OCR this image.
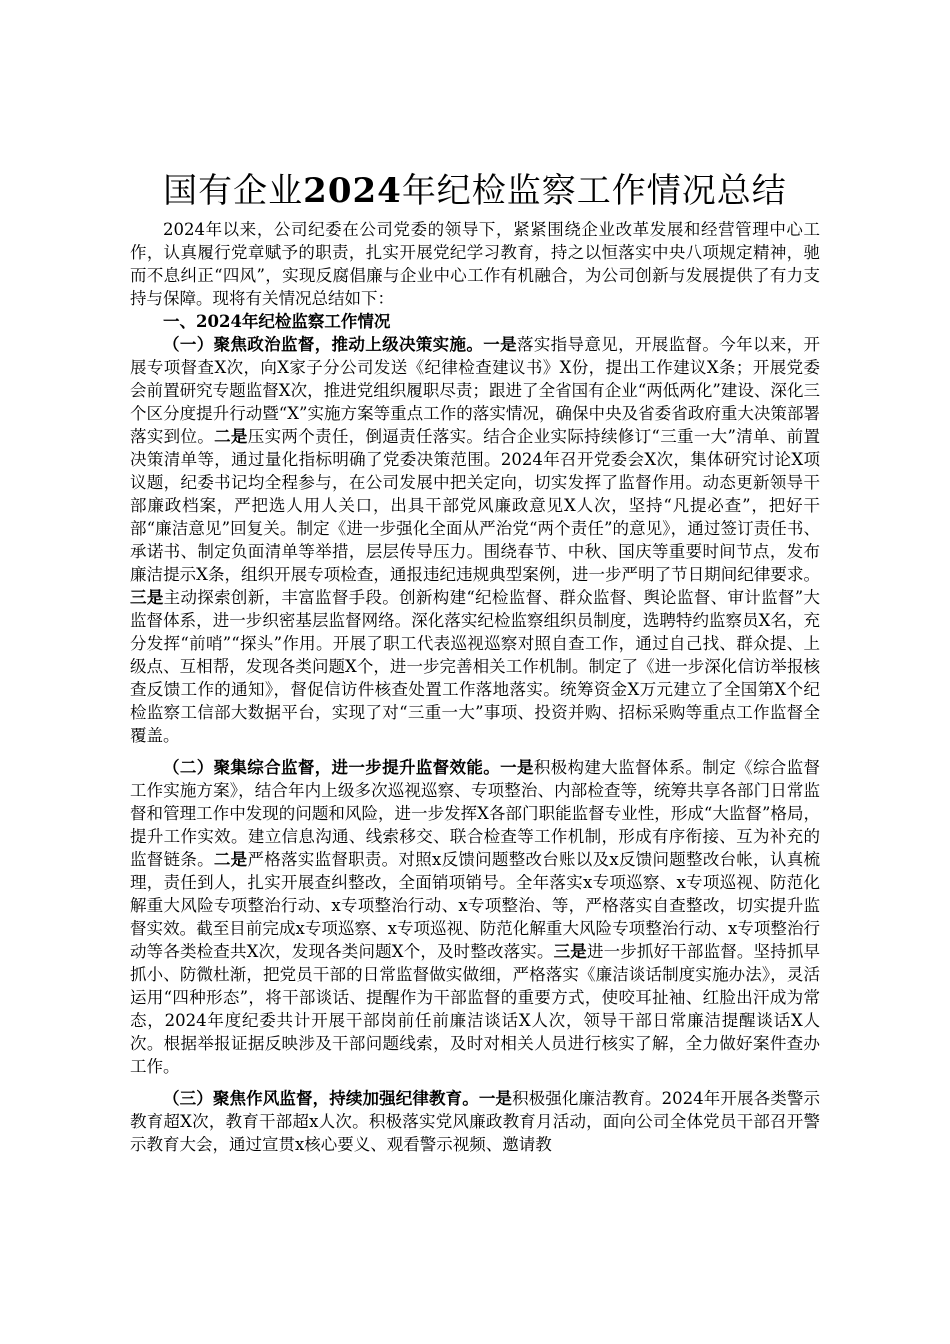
国有企业2024年纪检监察工作情况总结

2024年以来，公司纪委在公司党委的领导下，紧紧围绕企业改革发展和经营管理中心工作，认真履行党章赋予的职责，扎实开展党纪学习教育，持之以恒落实中央八项规定精神，驰而不息纠正“四风”，实现反腐倡廉与企业中心工作有机融合，为公司创新与发展提供了有力支持与保障。现将有关情况总结如下：

一、2024年纪检监察工作情况

（一）聚焦政治监督，推动上级决策实施。一是落实指导意见，开展监督。今年以来，开展专项督查X次，向X家子分公司发送《纪律检查建议书》X份，提出工作建议X条；开展党委会前置研究专题监督X次，推进党组织履职尽责；跟进了全省国有企业“两低两化”建设、深化三个区分度提升行动暨“X”实施方案等重点工作的落实情况，确保中央及省委省政府重大决策部署落实到位。二是压实两个责任，倒逼责任落实。结合企业实际持续修订“三重一大”清单、前置决策清单等，通过量化指标明确了党委决策范围。2024年召开党委会X次，集体研究讨论X项议题，纪委书记均全程参与，在公司发展中把关定向，切实发挥了监督作用。动态更新领导干部廉政档案，严把选人用人关口，出具干部党风廉政意见X人次，坚持“凡提必查”，把好干部“廉洁意见”回复关。制定《进一步强化全面从严治党“两个责任”的意见》，通过签订责任书、承诺书、制定负面清单等举措，层层传导压力。围绕春节、中秋、国庆等重要时间节点，发布廉洁提示X条，组织开展专项检查，通报违纪违规典型案例，进一步严明了节日期间纪律要求。三是主动探索创新，丰富监督手段。创新构建“纪检监督、群众监督、舆论监督、审计监督”大监督体系，进一步织密基层监督网络。深化落实纪检监察组织员制度，选聘特约监察员X名，充分发挥“前哨”“探头”作用。开展了职工代表巡视巡察对照自查工作，通过自己找、群众提、上级点、互相帮，发现各类问题X个，进一步完善相关工作机制。制定了《进一步深化信访举报核查反馈工作的通知》，督促信访件核查处置工作落地落实。统筹资金X万元建立了全国第X个纪检监察工信部大数据平台，实现了对“三重一大”事项、投资并购、招标采购等重点工作监督全覆盖。

（二）聚集综合监督，进一步提升监督效能。一是积极构建大监督体系。制定《综合监督工作实施方案》，结合年内上级多次巡视巡察、专项整治、内部检查等，统筹共享各部门日常监督和管理工作中发现的问题和风险，进一步发挥X各部门职能监督专业性，形成“大监督”格局，提升工作实效。建立信息沟通、线索移交、联合检查等工作机制，形成有序衔接、互为补充的监督链条。二是严格落实监督职责。对照x反馈问题整改台账以及x反馈问题整改台帐，认真梳理，责任到人，扎实开展查纠整改，全面销项销号。全年落实x专项巡察、x专项巡视、防范化解重大风险专项整治行动、x专项整治行动、x专项整治、等，严格落实自查整改，切实提升监督实效。截至目前完成x专项巡察、x专项巡视、防范化解重大风险专项整治行动、x专项整治行动等各类检查共X次，发现各类问题X个，及时整改落实。三是进一步抓好干部监督。坚持抓早抓小、防微杜渐，把党员干部的日常监督做实做细，严格落实《廉洁谈话制度实施办法》，灵活运用“四种形态”，将干部谈话、提醒作为干部监督的重要方式，使咬耳扯袖、红脸出汗成为常态，2024年度纪委共计开展干部岗前任前廉洁谈话X人次，领导干部日常廉洁提醒谈话X人次。根据举报证据反映涉及干部问题线索，及时对相关人员进行核实了解，全力做好案件查办工作。

（三）聚焦作风监督，持续加强纪律教育。一是积极强化廉洁教育。2024年开展各类警示教育超X次，教育干部超x人次。积极落实党风廉政教育月活动，面向公司全体党员干部召开警示教育大会，通过宣贯x核心要义、观看警示视频、邀请教
